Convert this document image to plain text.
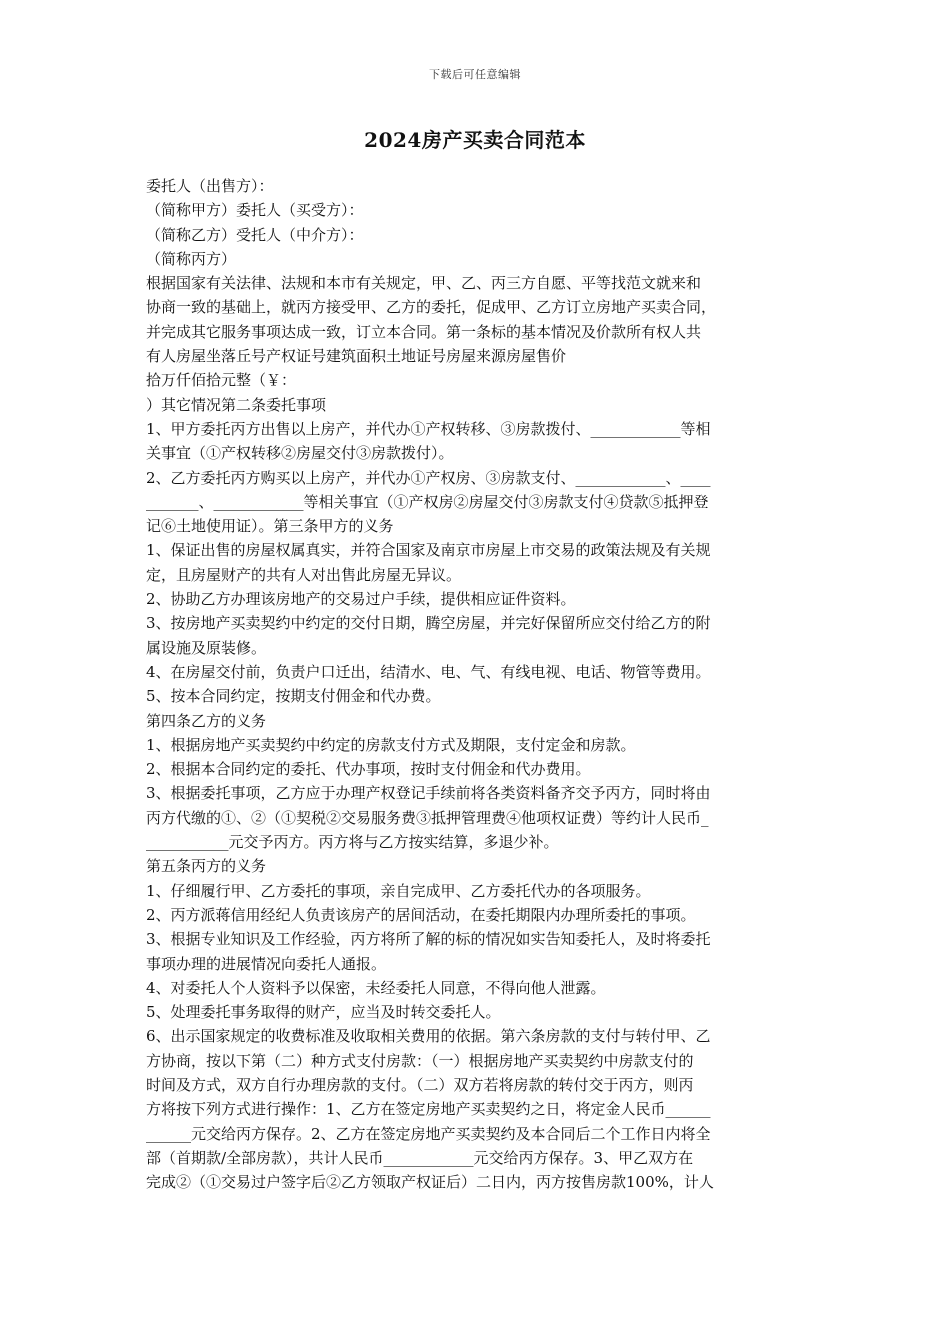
下载后可任意编辑
2024房产买卖合同范本
委托人（出售方）：
（简称甲方）委托人（买受方）：
（简称乙方）受托人（中介方）：
（简称丙方）
根据国家有关法律、法规和本市有关规定，甲、乙、丙三方自愿、平等找范文就来和
协商一致的基础上，就丙方接受甲、乙方的委托，促成甲、乙方订立房地产买卖合同，
并完成其它服务事项达成一致，订立本合同。第一条标的基本情况及价款所有权人共
有人房屋坐落丘号产权证号建筑面积土地证号房屋来源房屋售价
拾万仟佰拾元整（￥：
）其它情况第二条委托事项
1、甲方委托丙方出售以上房产，并代办①产权转移、③房款拨付、____________等相
关事宜（①产权转移②房屋交付③房款拨付）。
2、乙方委托丙方购买以上房产，并代办①产权房、③房款支付、____________、____
_______、____________等相关事宜（①产权房②房屋交付③房款支付④贷款⑤抵押登
记⑥土地使用证）。第三条甲方的义务
1、保证出售的房屋权属真实，并符合国家及南京市房屋上市交易的政策法规及有关规
定，且房屋财产的共有人对出售此房屋无异议。
2、协助乙方办理该房地产的交易过户手续，提供相应证件资料。
3、按房地产买卖契约中约定的交付日期，腾空房屋，并完好保留所应交付给乙方的附
属设施及原装修。
4、在房屋交付前，负责户口迁出，结清水、电、气、有线电视、电话、物管等费用。
5、按本合同约定，按期支付佣金和代办费。
第四条乙方的义务
1、根据房地产买卖契约中约定的房款支付方式及期限，支付定金和房款。
2、根据本合同约定的委托、代办事项，按时支付佣金和代办费用。
3、根据委托事项，乙方应于办理产权登记手续前将各类资料备齐交予丙方，同时将由
丙方代缴的①、②（①契税②交易服务费③抵押管理费④他项权证费）等约计人民币_
___________元交予丙方。丙方将与乙方按实结算，多退少补。
第五条丙方的义务
1、仔细履行甲、乙方委托的事项，亲自完成甲、乙方委托代办的各项服务。
2、丙方派蒋信用经纪人负责该房产的居间活动，在委托期限内办理所委托的事项。
3、根据专业知识及工作经验，丙方将所了解的标的情况如实告知委托人，及时将委托
事项办理的进展情况向委托人通报。
4、对委托人个人资料予以保密，未经委托人同意，不得向他人泄露。
5、处理委托事务取得的财产，应当及时转交委托人。
6、出示国家规定的收费标准及收取相关费用的依据。第六条房款的支付与转付甲、乙
方协商，按以下第（二）种方式支付房款：（一）根据房地产买卖契约中房款支付的
时间及方式，双方自行办理房款的支付。（二）双方若将房款的转付交于丙方，则丙
方将按下列方式进行操作：1、乙方在签定房地产买卖契约之日，将定金人民币______
______元交给丙方保存。2、乙方在签定房地产买卖契约及本合同后二个工作日内将全
部（首期款/全部房款），共计人民币____________元交给丙方保存。3、甲乙双方在
完成②（①交易过户签字后②乙方领取产权证后）二日内，丙方按售房款100%，计人
